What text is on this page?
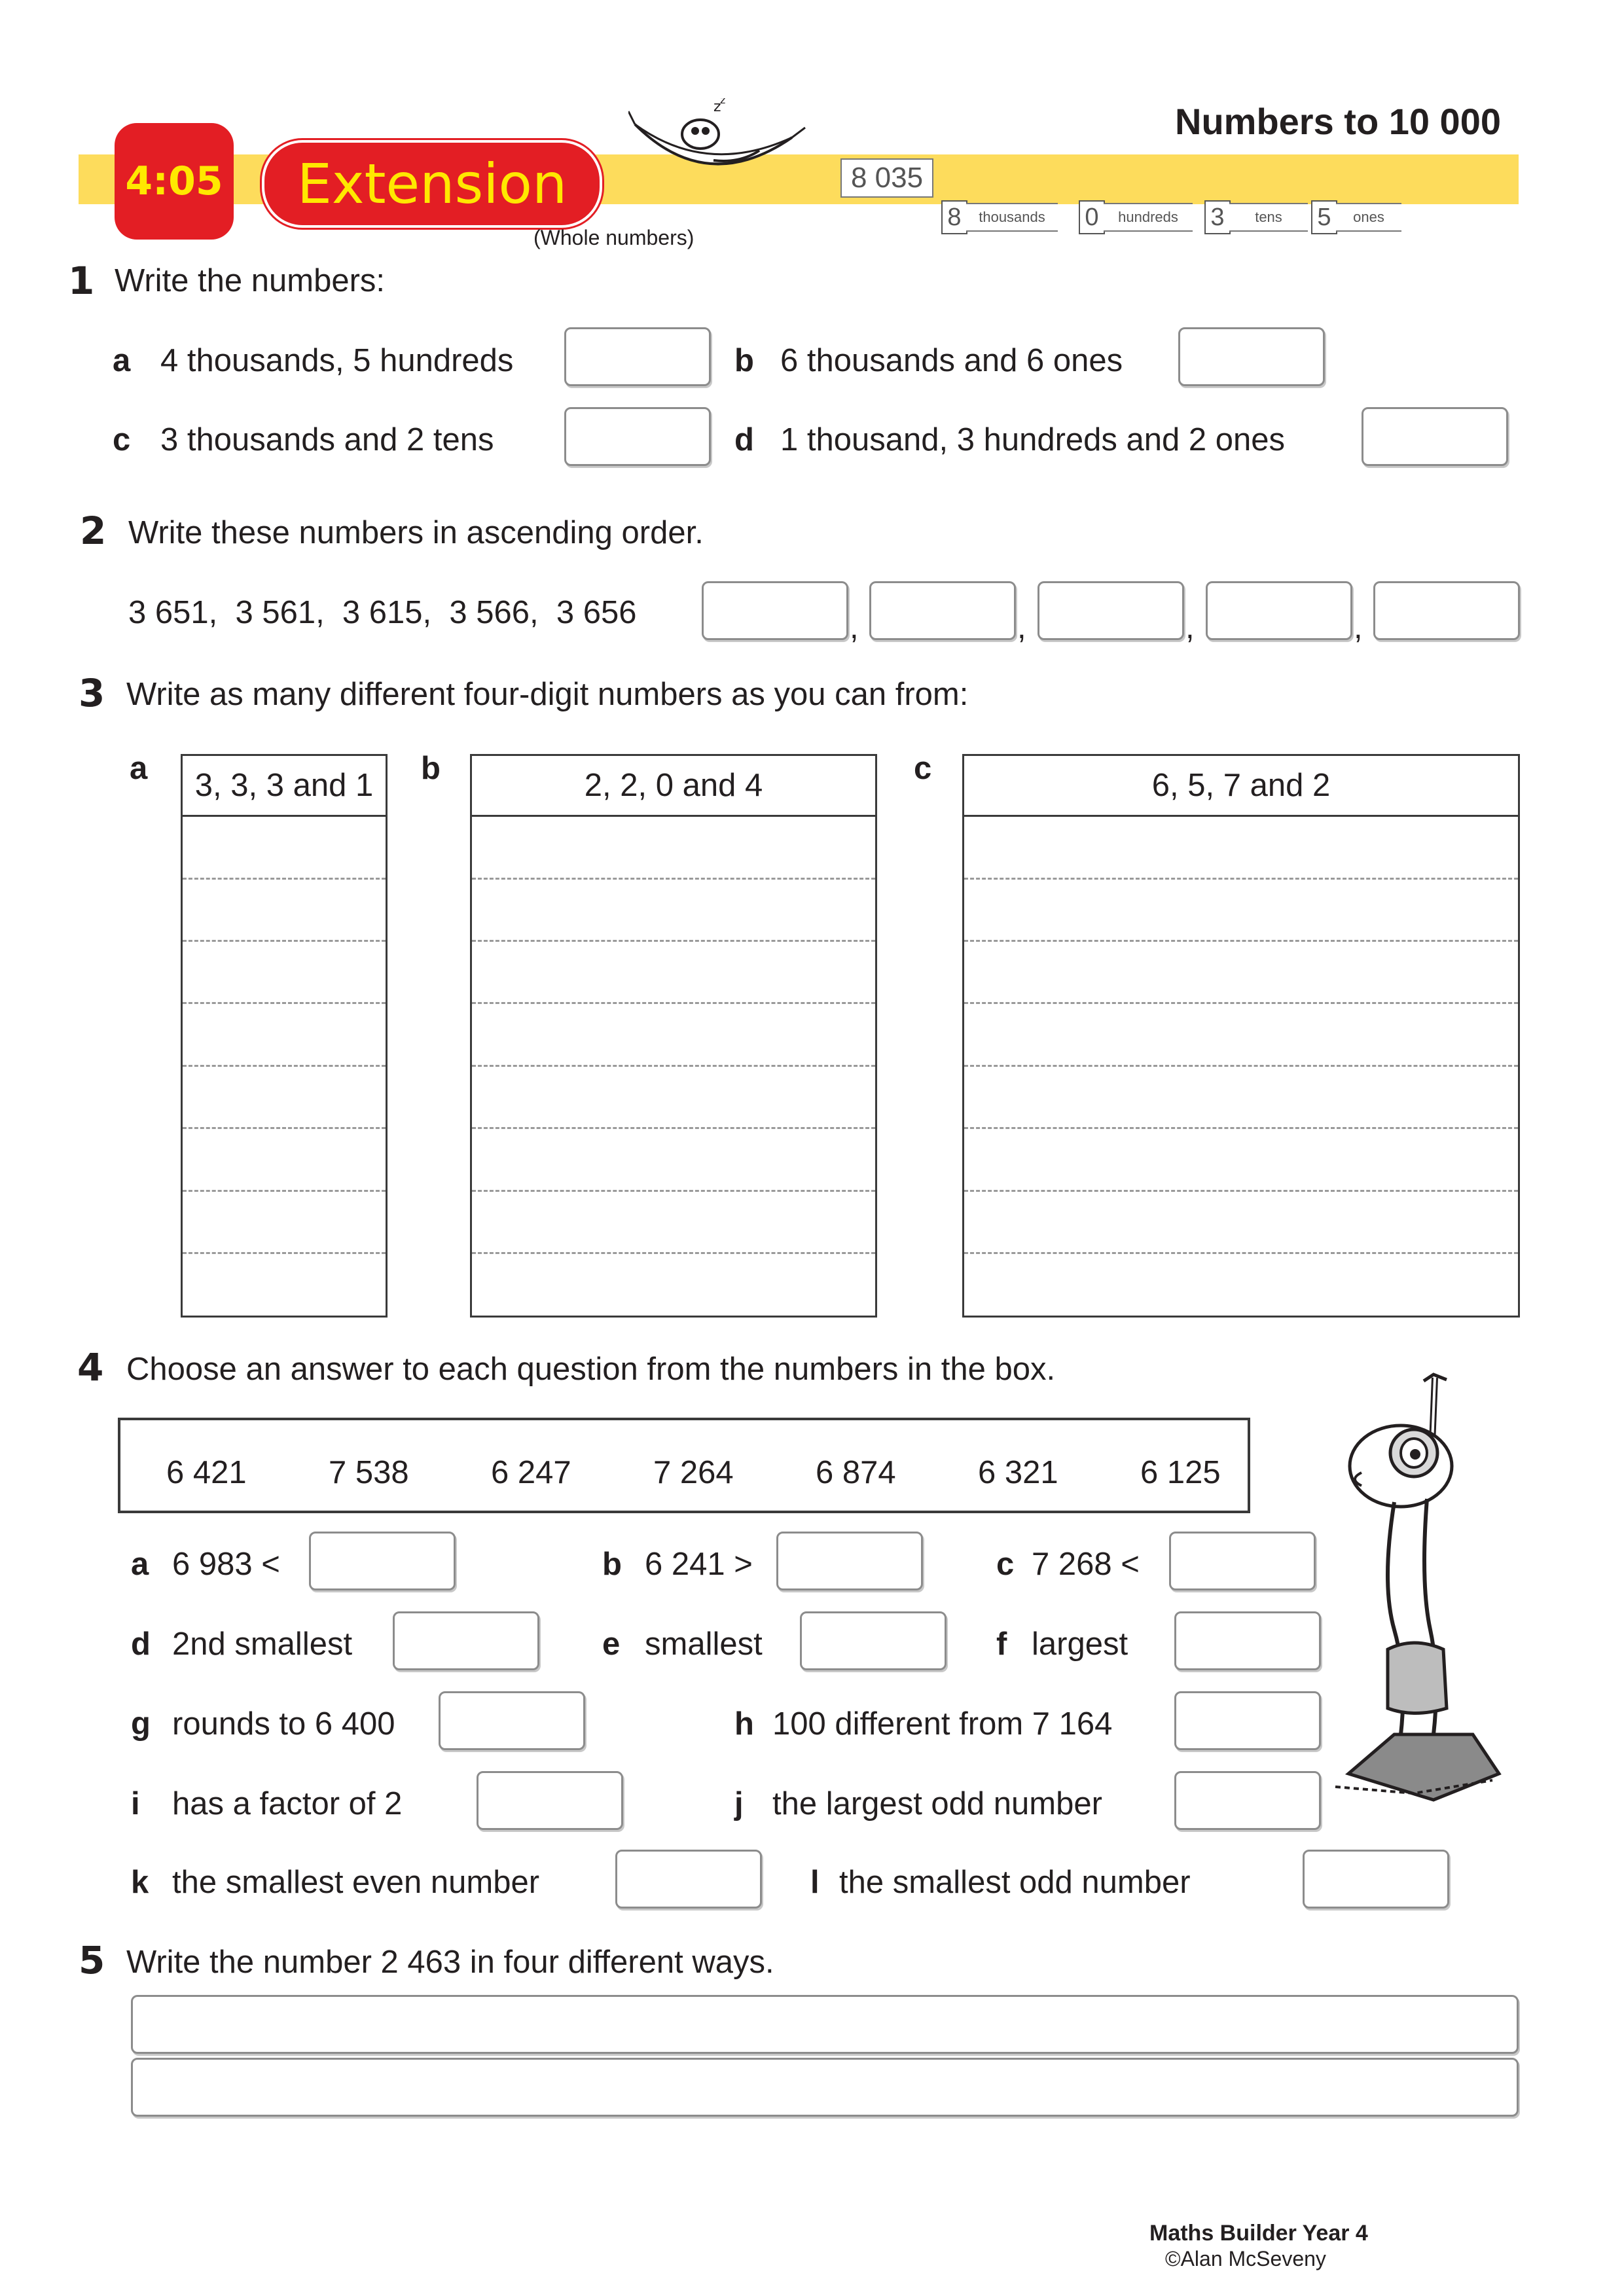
Numbers to 10 000
4:05 Extension
(Whole numbers)
z
z
8 035
8	thousands	0	hundreds	3	tens	5	ones
1 Write the numbers:
a 4 thousands, 5 hundreds	b 6 thousands and 6 ones
c 3 thousands and 2 tens	d 1 thousand, 3 hundreds and 2 ones
2 Write these numbers in ascending order.
3 651,  3 561,  3 615,  3 566,  3 656	,	,	,	,
3 Write as many different four-digit numbers as you can from:
a	3, 3, 3 and 1	b	2, 2, 0 and 4	c	6, 5, 7 and 2
4 Choose an answer to each question from the numbers in the box.
6 421	7 538	6 247	7 264	6 874	6 321	6 125
a 6 983 <	b 6 241 >	c 7 268 <
d 2nd smallest	e smallest	f largest
g rounds to 6 400	h 100 different from 7 164
i has a factor of 2	j the largest odd number
k the smallest even number	l the smallest odd number
5 Write the number 2 463 in four different ways.
Maths Builder Year 4
©Alan McSeveny
